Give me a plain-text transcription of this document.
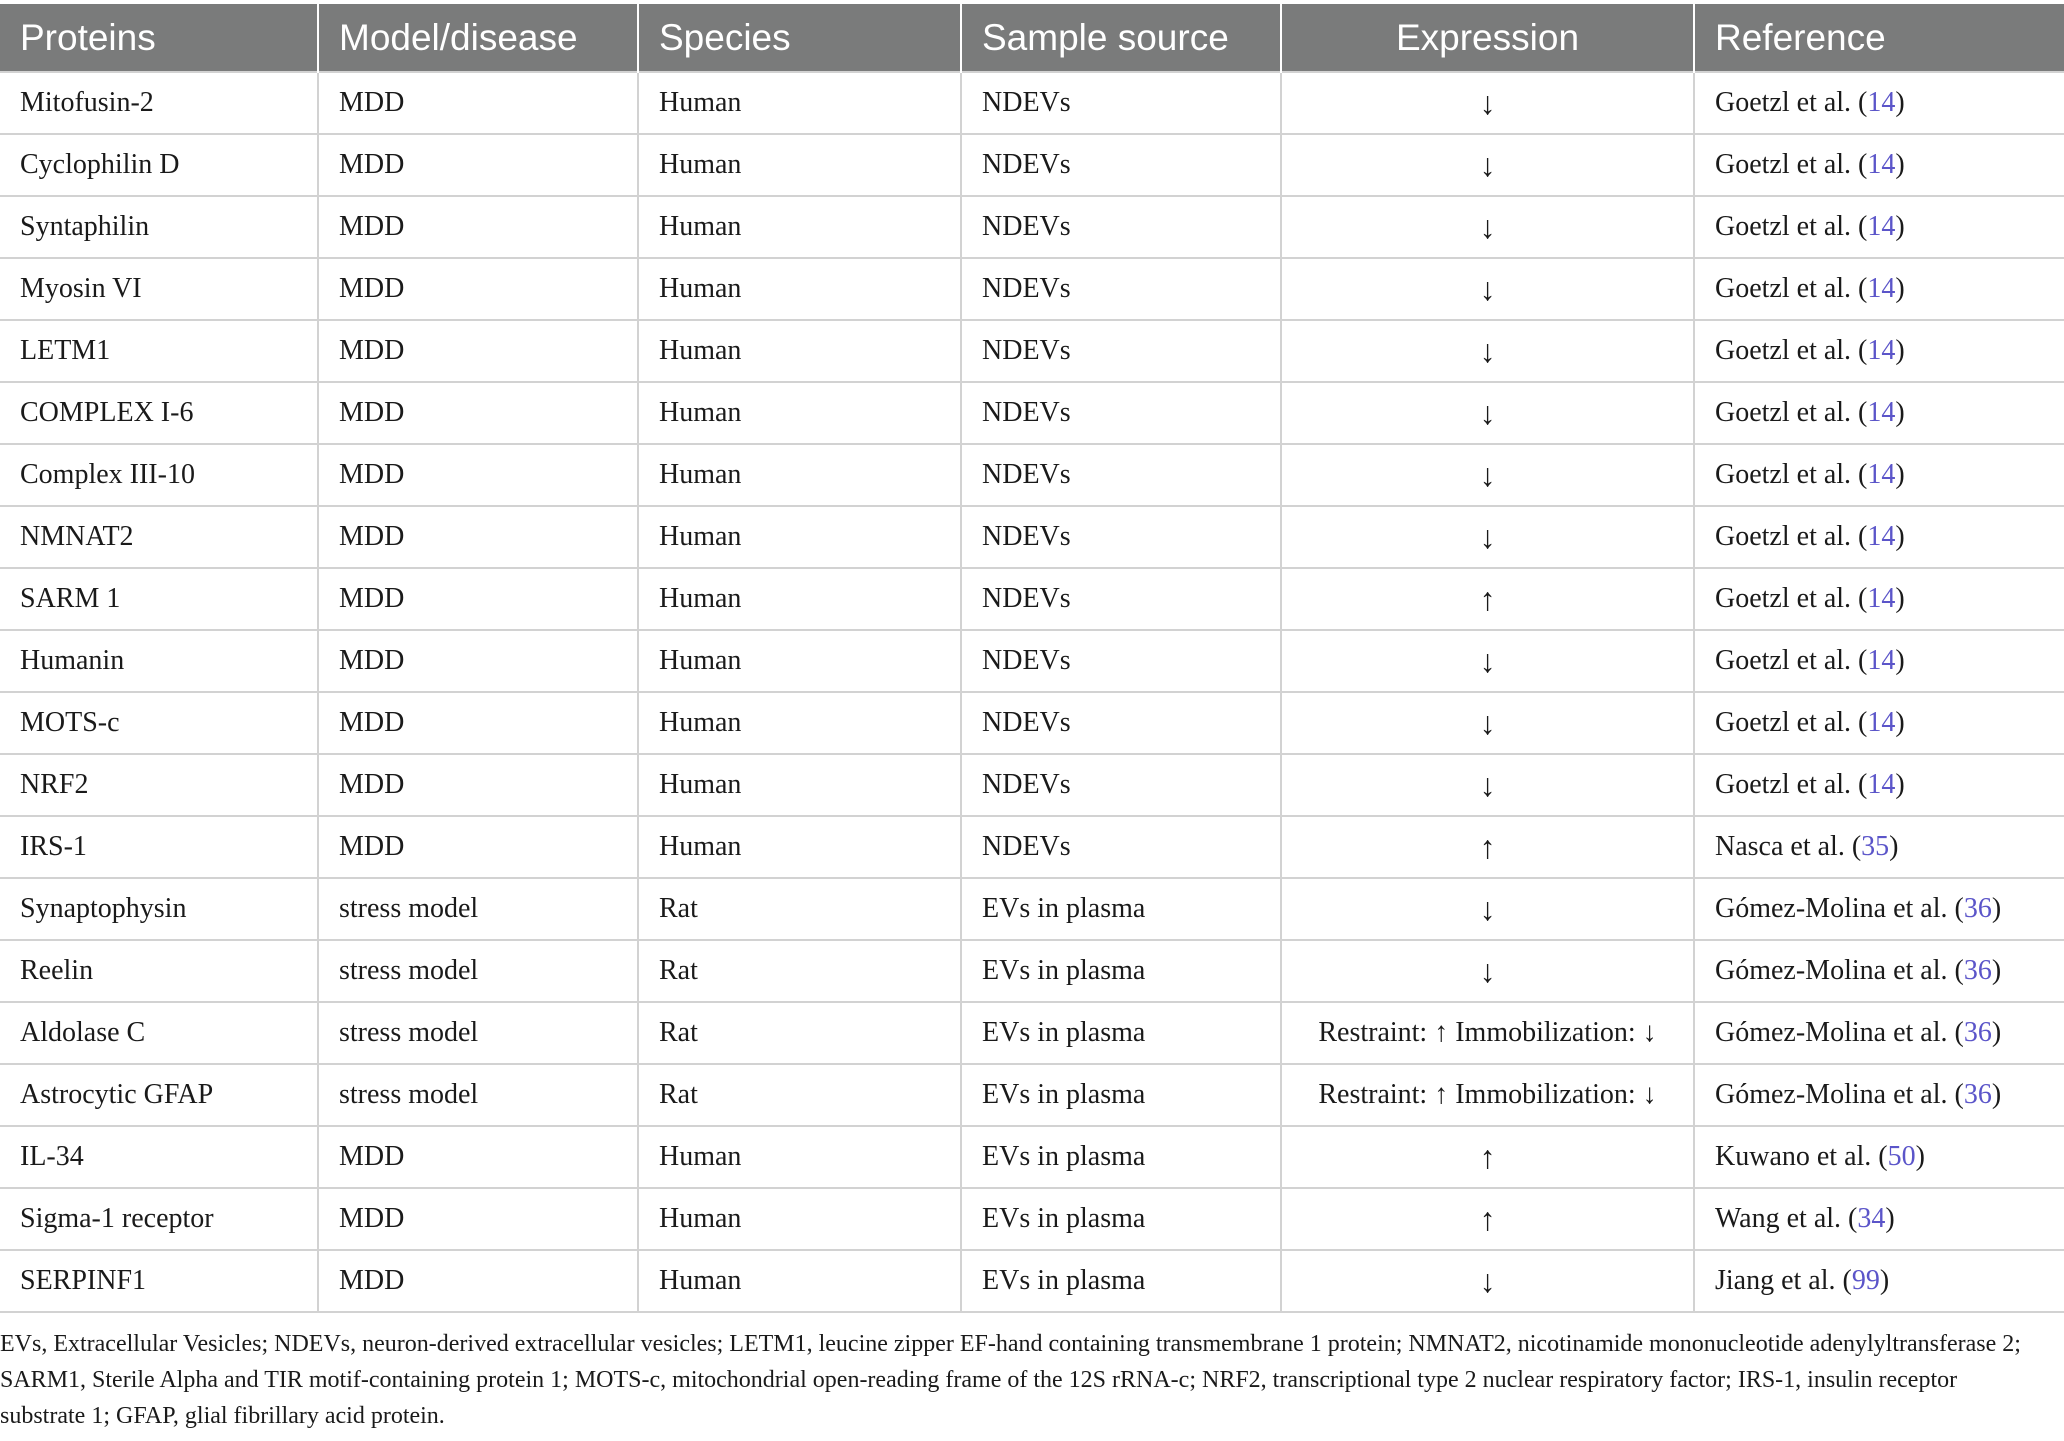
Proteins	Model/disease	Species	Sample source	Expression	Reference
Mitofusin-2	MDD	Human	NDEVs	↓	Goetzl et al. (14)
Cyclophilin D	MDD	Human	NDEVs	↓	Goetzl et al. (14)
Syntaphilin	MDD	Human	NDEVs	↓	Goetzl et al. (14)
Myosin VI	MDD	Human	NDEVs	↓	Goetzl et al. (14)
LETM1	MDD	Human	NDEVs	↓	Goetzl et al. (14)
COMPLEX I-6	MDD	Human	NDEVs	↓	Goetzl et al. (14)
Complex III-10	MDD	Human	NDEVs	↓	Goetzl et al. (14)
NMNAT2	MDD	Human	NDEVs	↓	Goetzl et al. (14)
SARM 1	MDD	Human	NDEVs	↑	Goetzl et al. (14)
Humanin	MDD	Human	NDEVs	↓	Goetzl et al. (14)
MOTS-c	MDD	Human	NDEVs	↓	Goetzl et al. (14)
NRF2	MDD	Human	NDEVs	↓	Goetzl et al. (14)
IRS-1	MDD	Human	NDEVs	↑	Nasca et al. (35)
Synaptophysin	stress model	Rat	EVs in plasma	↓	Gómez-Molina et al. (36)
Reelin	stress model	Rat	EVs in plasma	↓	Gómez-Molina et al. (36)
Aldolase C	stress model	Rat	EVs in plasma	Restraint: ↑ Immobilization: ↓	Gómez-Molina et al. (36)
Astrocytic GFAP	stress model	Rat	EVs in plasma	Restraint: ↑ Immobilization: ↓	Gómez-Molina et al. (36)
IL-34	MDD	Human	EVs in plasma	↑	Kuwano et al. (50)
Sigma-1 receptor	MDD	Human	EVs in plasma	↑	Wang et al. (34)
SERPINF1	MDD	Human	EVs in plasma	↓	Jiang et al. (99)
EVs, Extracellular Vesicles; NDEVs, neuron-derived extracellular vesicles; LETM1, leucine zipper EF-hand containing transmembrane 1 protein; NMNAT2, nicotinamide mononucleotide adenylyltransferase 2; SARM1, Sterile Alpha and TIR motif-containing protein 1; MOTS-c, mitochondrial open-reading frame of the 12S rRNA-c; NRF2, transcriptional type 2 nuclear respiratory factor; IRS-1, insulin receptor substrate 1; GFAP, glial fibrillary acid protein.
